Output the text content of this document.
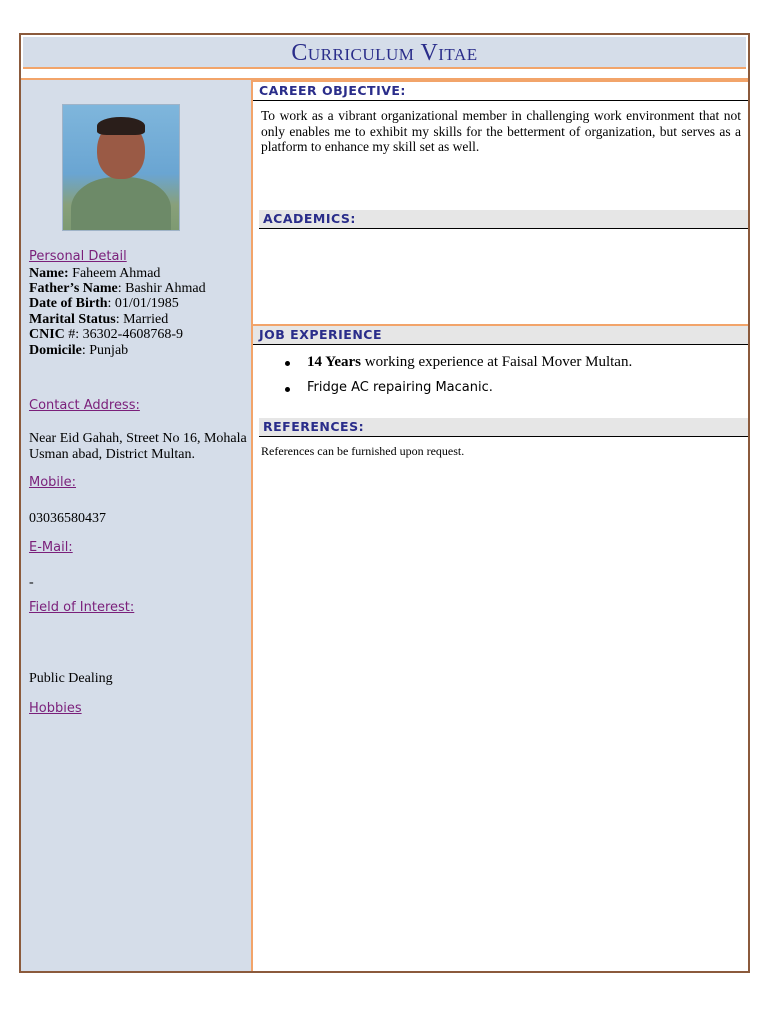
Curriculum Vitae
Personal Detail
Name: Faheem Ahmad
Father’s Name: Bashir Ahmad
Date of Birth: 01/01/1985
Marital Status: Married
CNIC #: 36302-4608768-9
Domicile: Punjab
Contact Address:
Near Eid Gahah, Street No 16, Mohala Usman abad, District Multan.
Mobile:
03036580437
E-Mail:
-
Field of Interest:
Public Dealing
Hobbies
CAREER OBJECTIVE:
To work as a vibrant organizational member in challenging work environment that not only enables me to exhibit my skills for the betterment of organization, but serves as a platform to enhance my skill set as well.
ACADEMICS:
JOB EXPERIENCE
14 Years working experience at Faisal Mover Multan.
Fridge AC repairing Macanic.
REFERENCES:
References can be furnished upon request.
